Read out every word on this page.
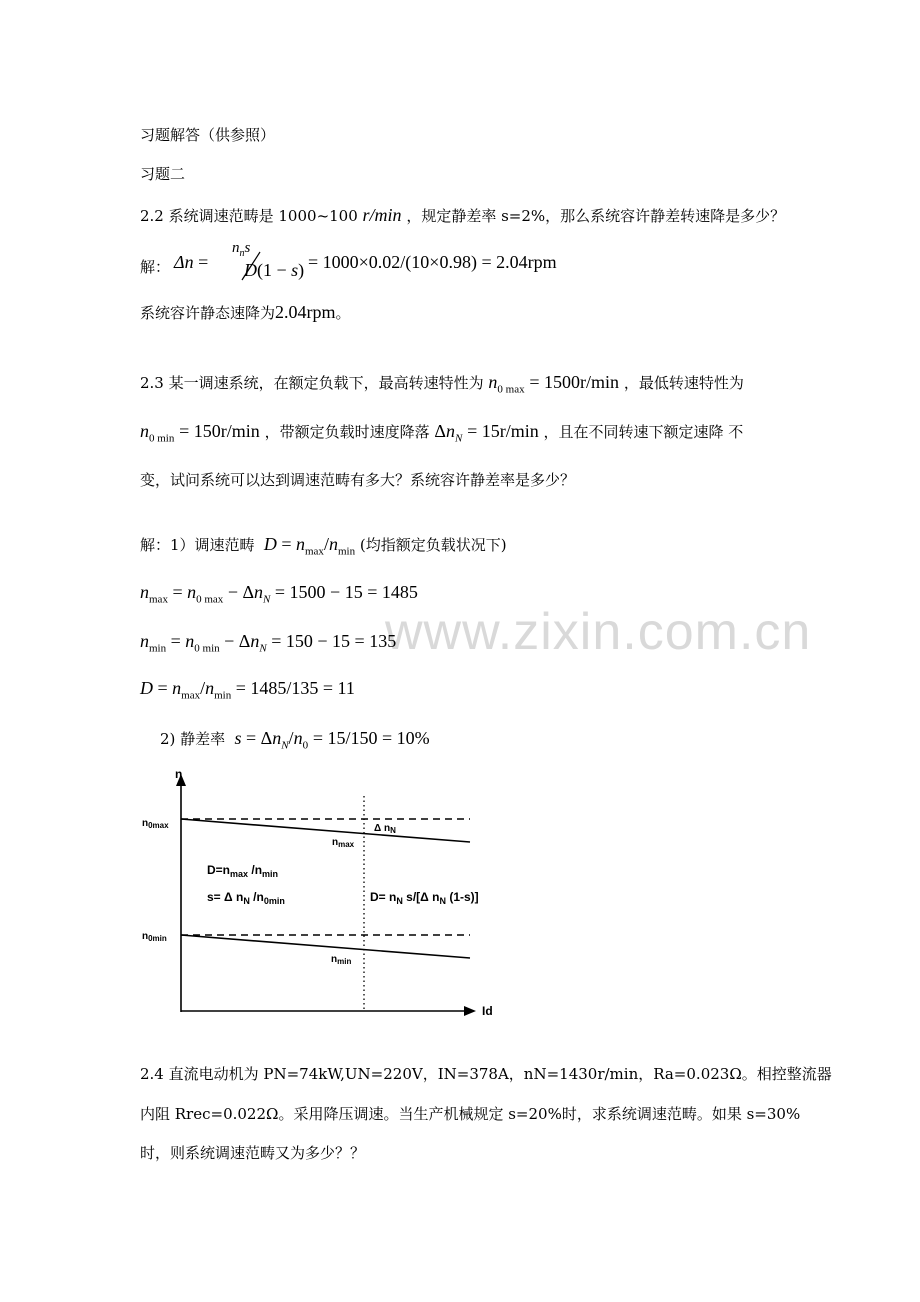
www.zixin.com.cn
习题解答（供参照）
习题二
2.2 系统调速范畴是 1000~100 r/min ，规定静差率 s=2%，那么系统容许静差转速降是多少？
解： Δn =
$n_ns$
D(1 − s) = 1000×0.02/(10×0.98) = 2.04rpm
系统容许静态速降为2.04rpm。
2.3 某一调速系统，在额定负载下，最高转速特性为 $n_{0 max} = 1500r/\min$ ，最低转速特性为
$n_{0 min} = 150r/\min$ ，带额定负载时速度降落 $\Delta n_N = 15r/\min$ ，且在不同转速下额定速降 不
变，试问系统可以达到调速范畴有多大？系统容许静差率是多少？
解：1）调速范畴 $D = n_{max}/n_{min}$ (均指额定负载状况下)
$n_{max} = n_{0 max} - \Delta n_N = 1500 - 15 = 1485$
$n_{min} = n_{0 min} - \Delta n_N = 150 - 15 = 135$
$D = n_{max}/n_{min} = 1485/135 = 11$
2) 静差率 $s = \Delta n_N/n_0 = 15/150 = 10\%$
n
Id
$n_{0max}$
$n_{0min}$
$n_{max}$
$n_{min}$
Δ $n_N$
$D=n_{max}$ $/n_{min}$
s= Δ $n_N$ $/n_{0min}$	$D= n_N$ s/[Δ $n_N$ (1-s)]
2.4 直流电动机为 PN=74kW,UN=220V，IN=378A，nN=1430r/min，Ra=0.023Ω。相控整流器
内阻 Rrec=0.022Ω。采用降压调速。当生产机械规定 s=20%时，求系统调速范畴。如果 s=30%
时，则系统调速范畴又为多少？？
